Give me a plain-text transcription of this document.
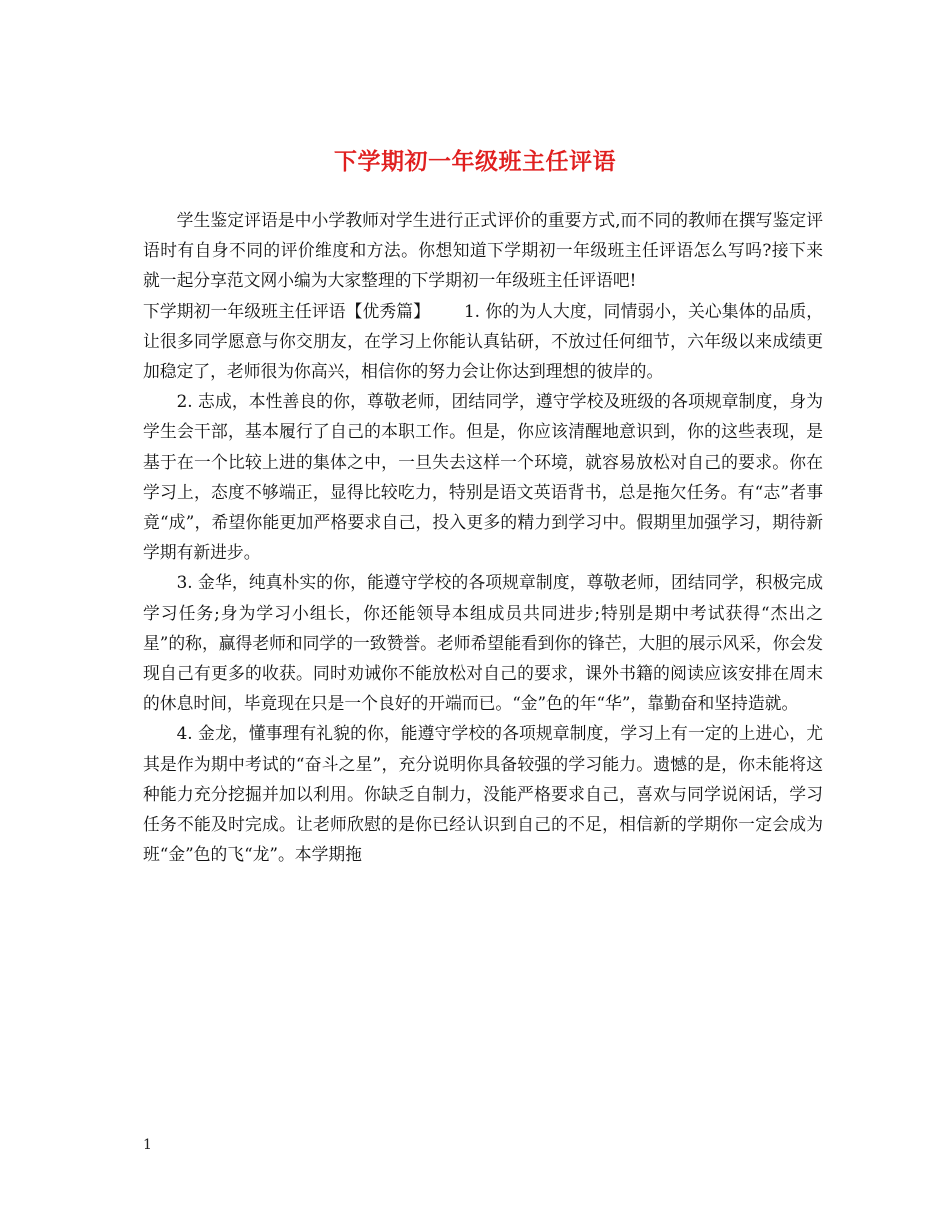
下学期初一年级班主任评语

学生鉴定评语是中小学教师对学生进行正式评价的重要方式,而不同的教师在撰写鉴定评语时有自身不同的评价维度和方法。你想知道下学期初一年级班主任评语怎么写吗?接下来就一起分享范文网小编为大家整理的下学期初一年级班主任评语吧!

下学期初一年级班主任评语【优秀篇】 1. 你的为人大度，同情弱小，关心集体的品质，让很多同学愿意与你交朋友，在学习上你能认真钻研，不放过任何细节，六年级以来成绩更加稳定了，老师很为你高兴，相信你的努力会让你达到理想的彼岸的。

2. 志成，本性善良的你，尊敬老师，团结同学，遵守学校及班级的各项规章制度，身为学生会干部，基本履行了自己的本职工作。但是，你应该清醒地意识到，你的这些表现，是基于在一个比较上进的集体之中，一旦失去这样一个环境，就容易放松对自己的要求。你在学习上，态度不够端正，显得比较吃力，特别是语文英语背书，总是拖欠任务。有“志”者事竟“成”，希望你能更加严格要求自己，投入更多的精力到学习中。假期里加强学习，期待新学期有新进步。

3. 金华，纯真朴实的你，能遵守学校的各项规章制度，尊敬老师，团结同学，积极完成学习任务;身为学习小组长，你还能领导本组成员共同进步;特别是期中考试获得“杰出之星”的称，赢得老师和同学的一致赞誉。老师希望能看到你的锋芒，大胆的展示风采，你会发现自己有更多的收获。同时劝诫你不能放松对自己的要求，课外书籍的阅读应该安排在周末的休息时间，毕竟现在只是一个良好的开端而已。“金”色的年“华”，靠勤奋和坚持造就。

4. 金龙，懂事理有礼貌的你，能遵守学校的各项规章制度，学习上有一定的上进心，尤其是作为期中考试的“奋斗之星”，充分说明你具备较强的学习能力。遗憾的是，你未能将这种能力充分挖掘并加以利用。你缺乏自制力，没能严格要求自己，喜欢与同学说闲话，学习任务不能及时完成。让老师欣慰的是你已经认识到自己的不足，相信新的学期你一定会成为班“金”色的飞“龙”。本学期拖

1
